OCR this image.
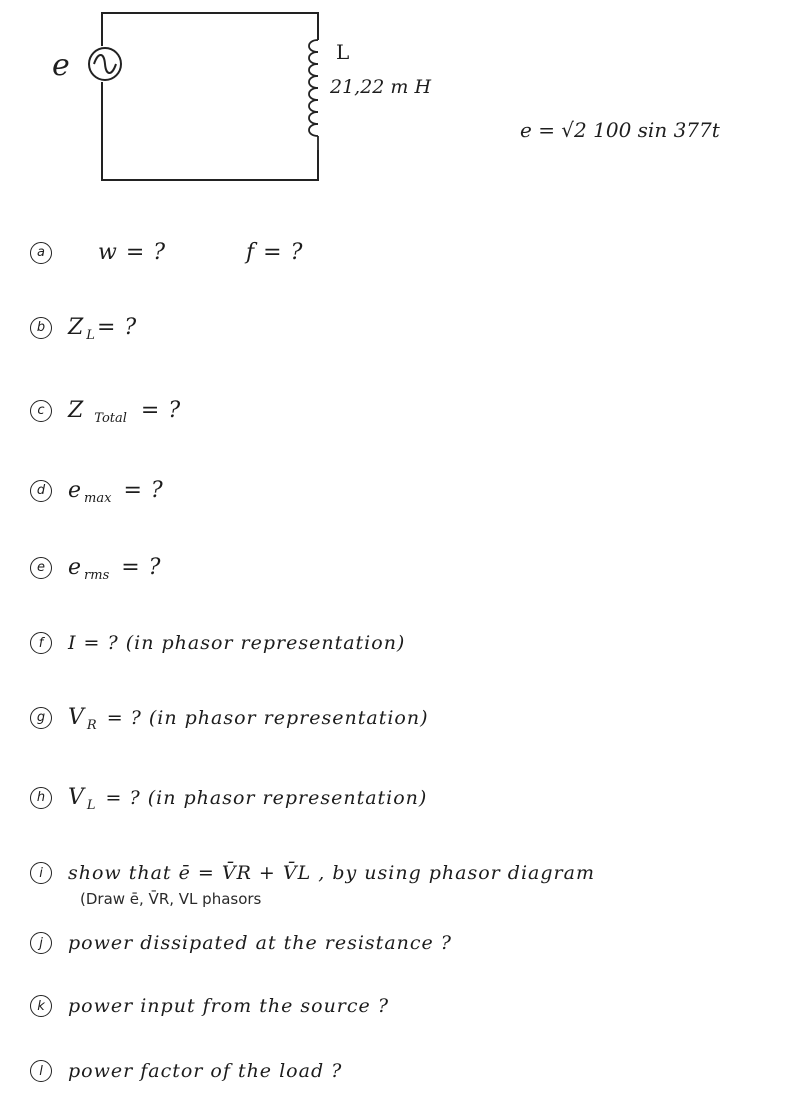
e	L
21,22 m H
e = √2 100 sin 377t
a	w = ?	f = ?
b	Z L = ?
c	Z Total = ?
d	e max = ?
e	e rms = ?
f	I = ? (in phasor representation)
g	V R = ? (in phasor representation)
h	V L = ? (in phasor representation)
i	show that ē = V̄R + V̄L , by using phasor diagram
(Draw ē, V̄R, VL phasors
j	power dissipated at the resistance ?
k	power input from the source ?
l	power factor of the load ?
